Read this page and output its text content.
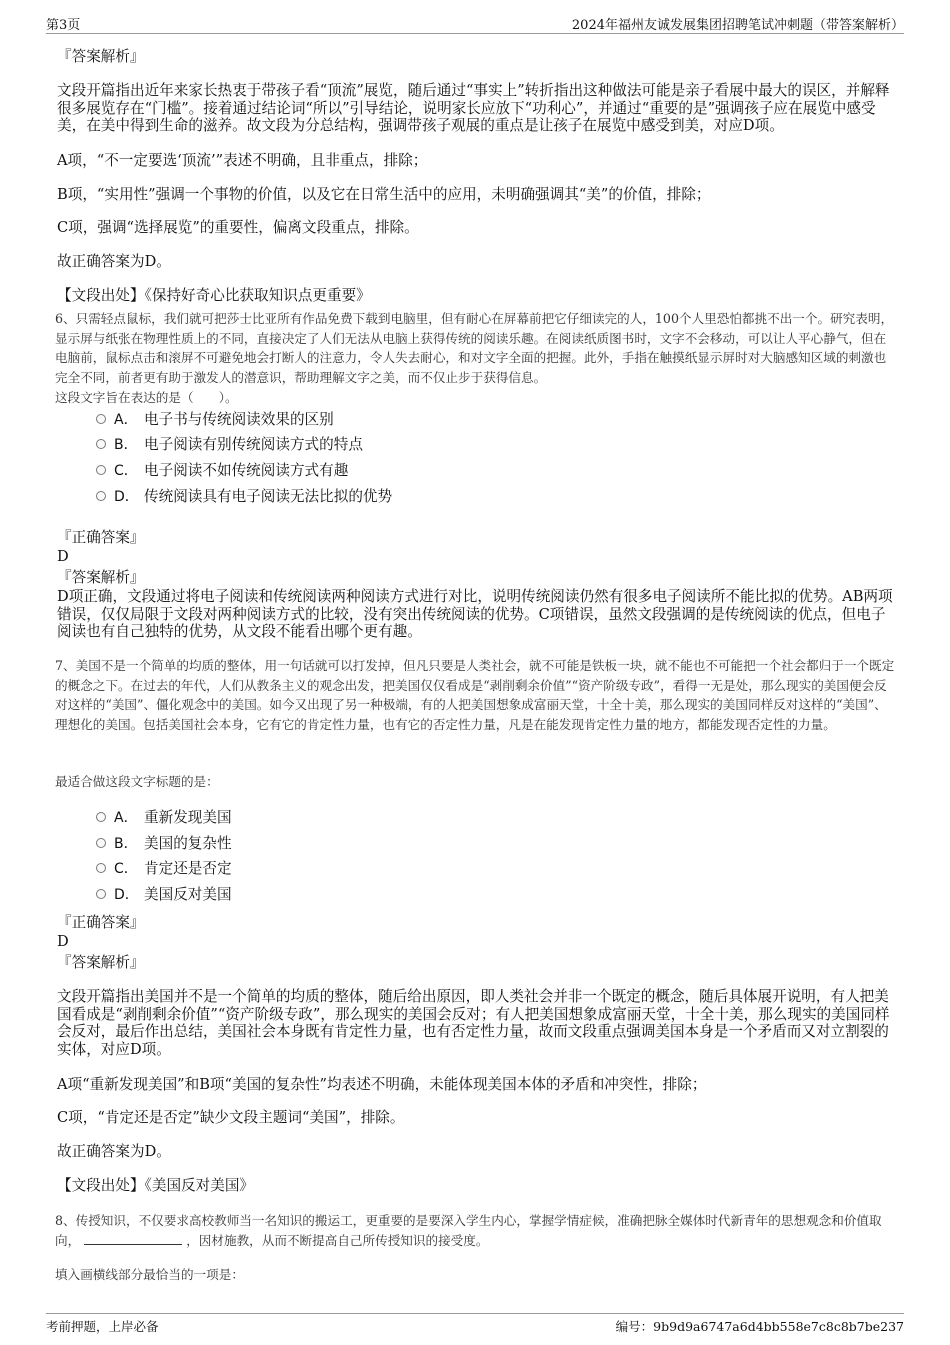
第3页	2024年福州友诚发展集团招聘笔试冲刺题（带答案解析）
『答案解析』
文段开篇指出近年来家长热衷于带孩子看“顶流”展览，随后通过“事实上”转折指出这种做法可能是亲子看展中最大的误区，并解释很多展览存在“门槛”。接着通过结论词“所以”引导结论，说明家长应放下“功利心”，并通过“重要的是”强调孩子应在展览中感受美，在美中得到生命的滋养。故文段为分总结构，强调带孩子观展的重点是让孩子在展览中感受到美，对应D项。
A项，“不一定要选‘顶流’”表述不明确，且非重点，排除；
B项，“实用性”强调一个事物的价值，以及它在日常生活中的应用，未明确强调其“美”的价值，排除；
C项，强调“选择展览”的重要性，偏离文段重点，排除。
故正确答案为D。
【文段出处】《保持好奇心比获取知识点更重要》
6、只需轻点鼠标，我们就可把莎士比亚所有作品免费下载到电脑里，但有耐心在屏幕前把它仔细读完的人，100个人里恐怕都挑不出一个。研究表明，显示屏与纸张在物理性质上的不同，直接决定了人们无法从电脑上获得传统的阅读乐趣。在阅读纸质图书时，文字不会移动，可以让人平心静气，但在电脑前，鼠标点击和滚屏不可避免地会打断人的注意力，令人失去耐心，和对文字全面的把握。此外，手指在触摸纸显示屏时对大脑感知区域的刺激也完全不同，前者更有助于激发人的潜意识，帮助理解文字之美，而不仅止步于获得信息。
这段文字旨在表达的是（　　）。
A． 电子书与传统阅读效果的区别
B． 电子阅读有别传统阅读方式的特点
C． 电子阅读不如传统阅读方式有趣
D． 传统阅读具有电子阅读无法比拟的优势
『正确答案』
D
『答案解析』
D项正确，文段通过将电子阅读和传统阅读两种阅读方式进行对比，说明传统阅读仍然有很多电子阅读所不能比拟的优势。AB两项错误，仅仅局限于文段对两种阅读方式的比较，没有突出传统阅读的优势。C项错误，虽然文段强调的是传统阅读的优点，但电子阅读也有自己独特的优势，从文段不能看出哪个更有趣。
7、美国不是一个简单的均质的整体，用一句话就可以打发掉，但凡只要是人类社会，就不可能是铁板一块，就不能也不可能把一个社会都归于一个既定的概念之下。在过去的年代，人们从教条主义的观念出发，把美国仅仅看成是“剥削剩余价值”“资产阶级专政”，看得一无是处，那么现实的美国便会反对这样的“美国”、僵化观念中的美国。如今又出现了另一种极端，有的人把美国想象成富丽天堂，十全十美，那么现实的美国同样反对这样的“美国”、理想化的美国。包括美国社会本身，它有它的肯定性力量，也有它的否定性力量，凡是在能发现肯定性力量的地方，都能发现否定性的力量。
最适合做这段文字标题的是：
A． 重新发现美国
B． 美国的复杂性
C． 肯定还是否定
D． 美国反对美国
『正确答案』
D
『答案解析』
文段开篇指出美国并不是一个简单的均质的整体，随后给出原因，即人类社会并非一个既定的概念，随后具体展开说明，有人把美国看成是“剥削剩余价值”“资产阶级专政”，那么现实的美国会反对；有人把美国想象成富丽天堂，十全十美，那么现实的美国同样会反对，最后作出总结，美国社会本身既有肯定性力量，也有否定性力量，故而文段重点强调美国本身是一个矛盾而又对立割裂的实体，对应D项。
A项“重新发现美国”和B项“美国的复杂性”均表述不明确，未能体现美国本体的矛盾和冲突性，排除；
C项，“肯定还是否定”缺少文段主题词“美国”，排除。
故正确答案为D。
【文段出处】《美国反对美国》
8、传授知识，不仅要求高校教师当一名知识的搬运工，更重要的是要深入学生内心，掌握学情症候，准确把脉全媒体时代新青年的思想观念和价值取向，	，因材施教，从而不断提高自己所传授知识的接受度。
填入画横线部分最恰当的一项是：
考前押题，上岸必备	编号：9b9d9a6747a6d4bb558e7c8c8b7be237
